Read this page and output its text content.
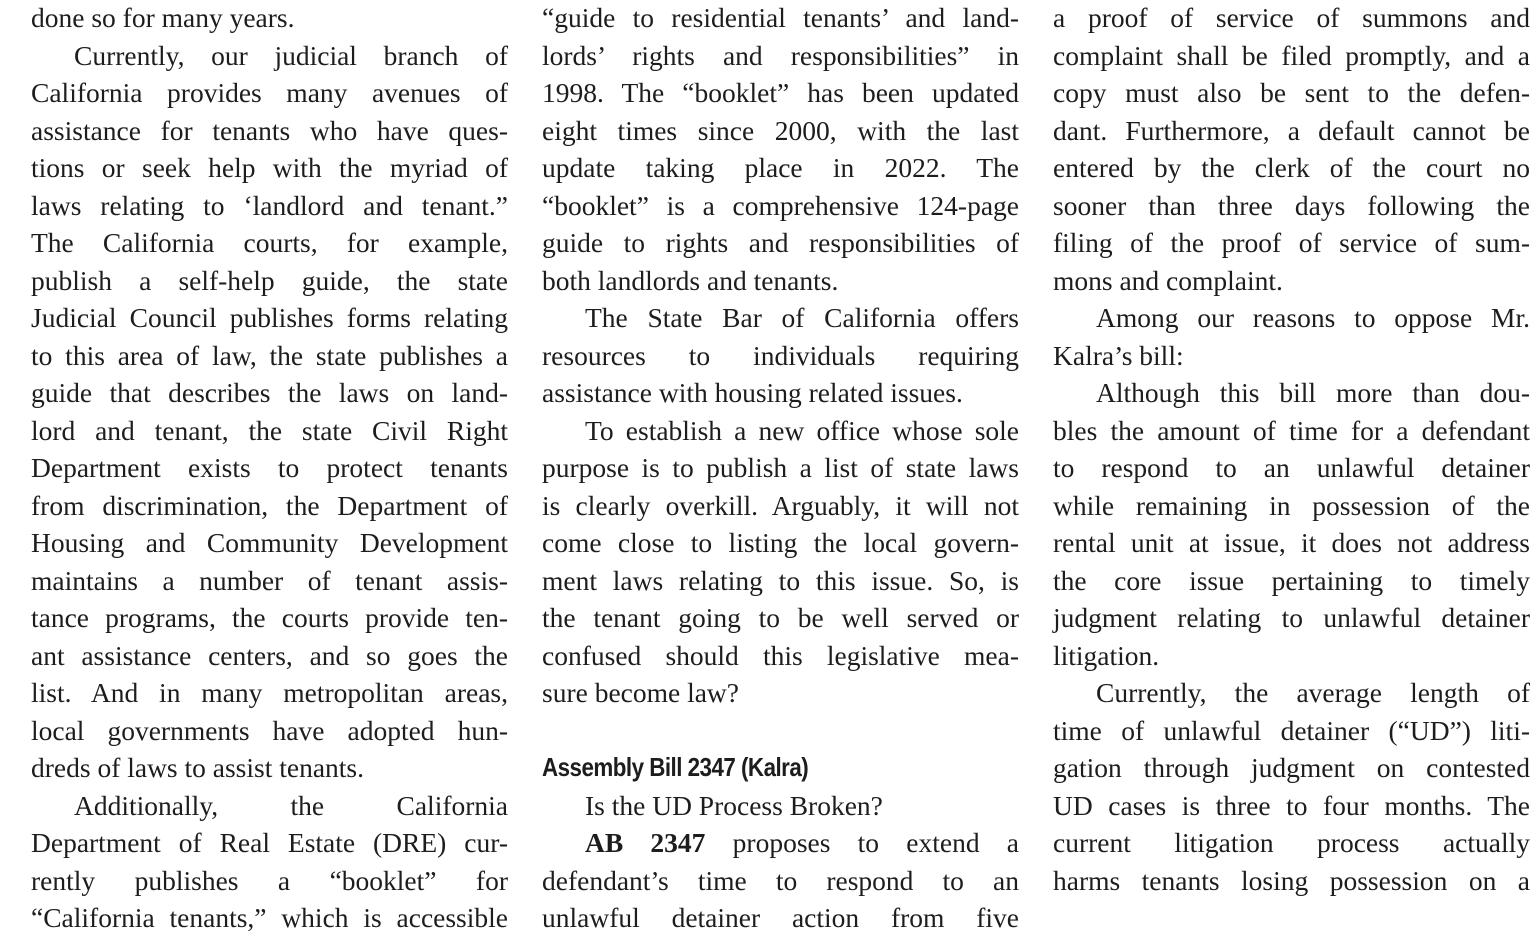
done so for many years.
Currently, our judicial branch of
California provides many avenues of
assistance for tenants who have ques-
tions or seek help with the myriad of
laws relating to ‘landlord and tenant.”
The California courts, for example,
publish a self-help guide, the state
Judicial Council publishes forms relating
to this area of law, the state publishes a
guide that describes the laws on land-
lord and tenant, the state Civil Right
Department exists to protect tenants
from discrimination, the Department of
Housing and Community Development
maintains a number of tenant assis-
tance programs, the courts provide ten-
ant assistance centers, and so goes the
list. And in many metropolitan areas,
local governments have adopted hun-
dreds of laws to assist tenants.
Additionally, the California
Department of Real Estate (DRE) cur-
rently publishes a “booklet” for
“California tenants,” which is accessible
“guide to residential tenants’ and land-
lords’ rights and responsibilities” in
1998. The “booklet” has been updated
eight times since 2000, with the last
update taking place in 2022. The
“booklet” is a comprehensive 124-page
guide to rights and responsibilities of
both landlords and tenants.
The State Bar of California offers
resources to individuals requiring
assistance with housing related issues.
To establish a new office whose sole
purpose is to publish a list of state laws
is clearly overkill. Arguably, it will not
come close to listing the local govern-
ment laws relating to this issue. So, is
the tenant going to be well served or
confused should this legislative mea-
sure become law?
Assembly Bill 2347 (Kalra)
Is the UD Process Broken?
AB 2347 proposes to extend a
defendant’s time to respond to an
unlawful detainer action from five
a proof of service of summons and
complaint shall be filed promptly, and a
copy must also be sent to the defen-
dant. Furthermore, a default cannot be
entered by the clerk of the court no
sooner than three days following the
filing of the proof of service of sum-
mons and complaint.
Among our reasons to oppose Mr.
Kalra’s bill:
Although this bill more than dou-
bles the amount of time for a defendant
to respond to an unlawful detainer
while remaining in possession of the
rental unit at issue, it does not address
the core issue pertaining to timely
judgment relating to unlawful detainer
litigation.
Currently, the average length of
time of unlawful detainer (“UD”) liti-
gation through judgment on contested
UD cases is three to four months. The
current litigation process actually
harms tenants losing possession on a
